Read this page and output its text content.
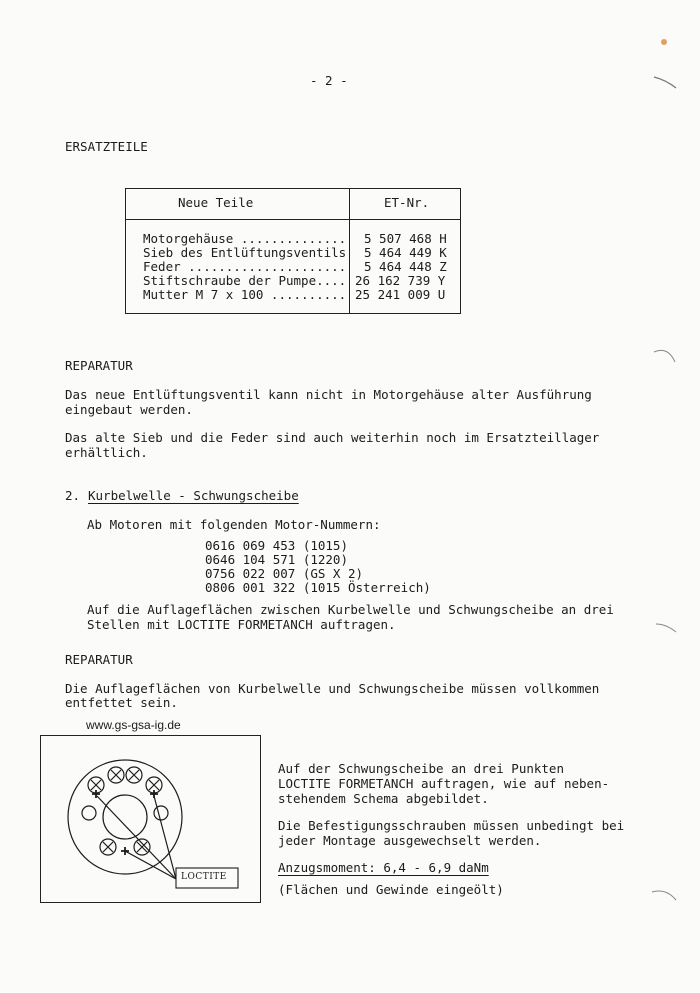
- 2 -
ERSATZTEILE
Neue Teile	ET-Nr.
Motorgehäuse ..............
Sieb des Entlüftungsventils
Feder .....................
Stiftschraube der Pumpe....
Mutter M 7 x 100 ..........
5 507 468 H
5 464 449 K
5 464 448 Z
26 162 739 Y
25 241 009 U
REPARATUR
Das neue Entlüftungsventil kann nicht in Motorgehäuse alter Ausführung
eingebaut werden.
Das alte Sieb und die Feder sind auch weiterhin noch im Ersatzteillager
erhältlich.
2. Kurbelwelle - Schwungscheibe
Ab Motoren mit folgenden Motor-Nummern:
0616 069 453 (1015)
0646 104 571 (1220)
0756 022 007 (GS X 2)
0806 001 322 (1015 Österreich)
Auf die Auflageflächen zwischen Kurbelwelle und Schwungscheibe an drei
Stellen mit LOCTITE FORMETANCH auftragen.
REPARATUR
Die Auflageflächen von Kurbelwelle und Schwungscheibe müssen vollkommen
entfettet sein.
www.gs-gsa-ig.de
LOCTITE
Auf der Schwungscheibe an drei Punkten
LOCTITE FORMETANCH auftragen, wie auf neben-
stehendem Schema abgebildet.
Die Befestigungsschrauben müssen unbedingt bei
jeder Montage ausgewechselt werden.
Anzugsmoment: 6,4 - 6,9 daNm
(Flächen und Gewinde eingeölt)
